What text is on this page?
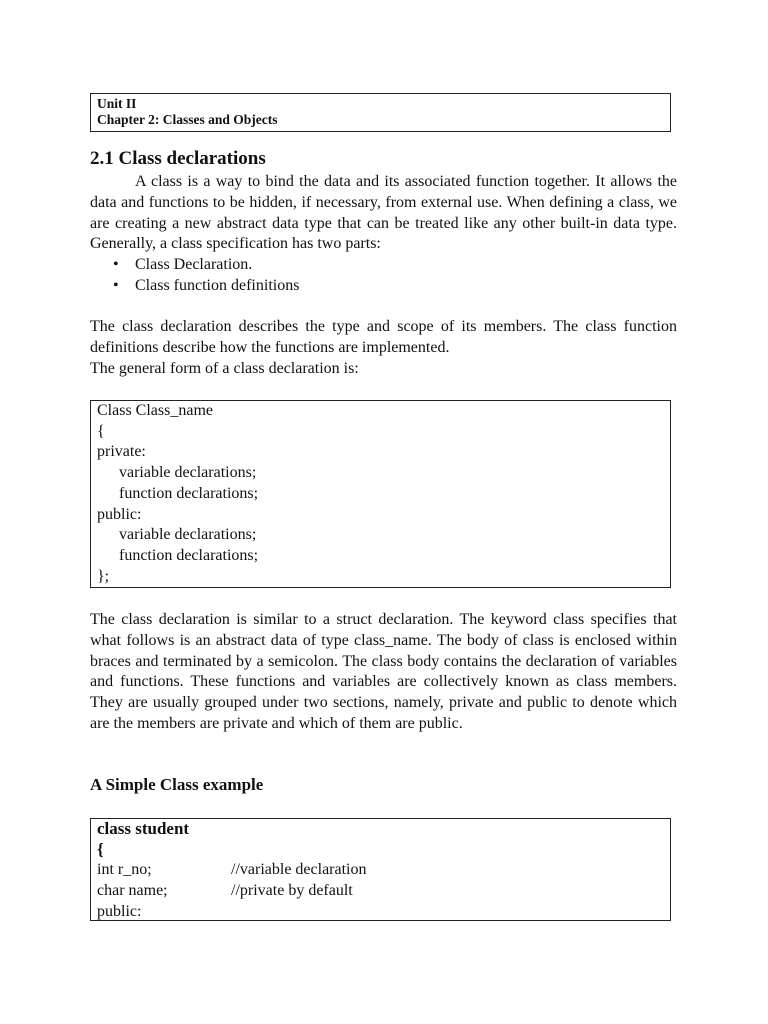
Unit II
Chapter 2: Classes and Objects
2.1 Class declarations

A class is a way to bind the data and its associated function together. It allows the data and functions to be hidden, if necessary, from external use. When defining a class, we are creating a new abstract data type that can be treated like any other built-in data type. Generally, a class specification has two parts:

• Class Declaration.
• Class function definitions

The class declaration describes the type and scope of its members. The class function definitions describe how the functions are implemented.

The general form of a class declaration is:

Class Class_name
{
private:
variable declarations;
function declarations;
public:
variable declarations;
function declarations;
};

The class declaration is similar to a struct declaration. The keyword class specifies that what follows is an abstract data of type class_name. The body of class is enclosed within braces and terminated by a semicolon. The class body contains the declaration of variables and functions. These functions and variables are collectively known as class members. They are usually grouped under two sections, namely, private and public to denote which are the members are private and which of them are public.

A Simple Class example
class student
{
int r_no;	//variable declaration
char name;	//private by default
public:
